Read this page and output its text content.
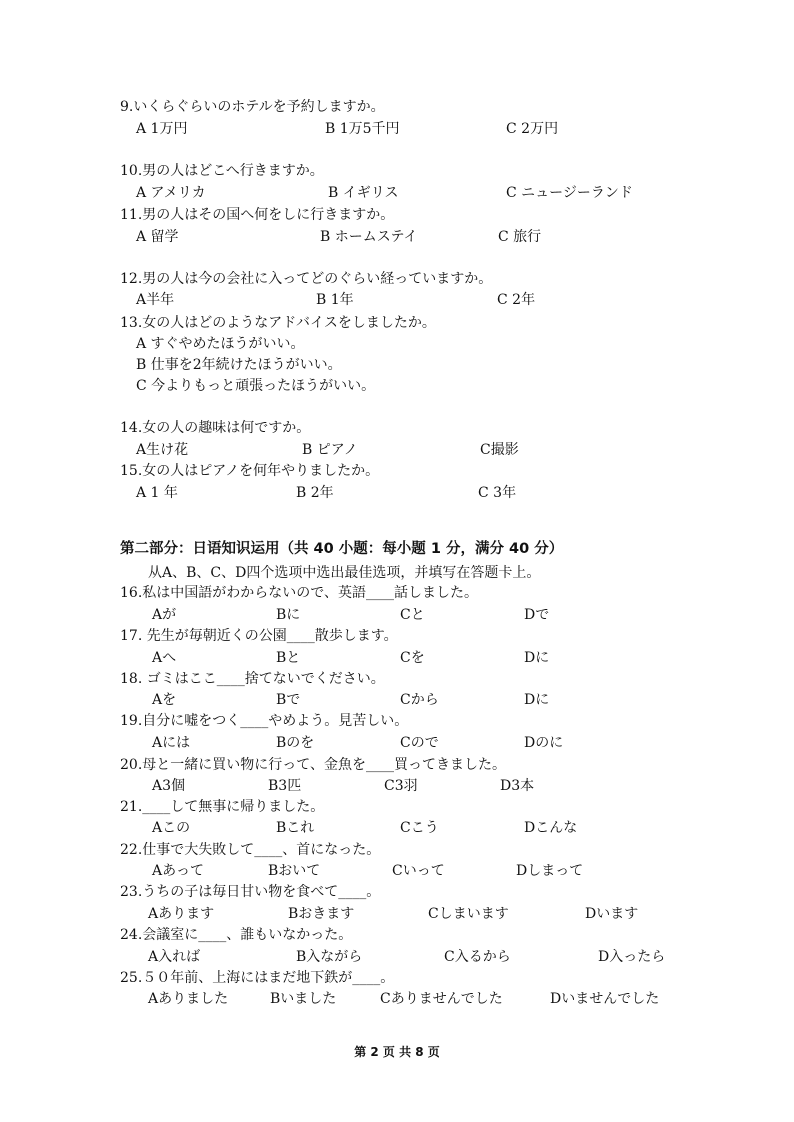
9.いくらぐらいのホテルを予約しますか。
A 1万円	B 1万5千円	C 2万円
10.男の人はどこへ行きますか。
A アメリカ	B イギリス	C ニュージーランド
11.男の人はその国へ何をしに行きますか。
A 留学	B ホームステイ	C 旅行
12.男の人は今の会社に入ってどのぐらい経っていますか。
A半年	B 1年	C 2年
13.女の人はどのようなアドバイスをしましたか。
A すぐやめたほうがいい。
B 仕事を2年続けたほうがいい。
C 今よりもっと頑張ったほうがいい。
14.女の人の趣味は何ですか。
A生け花	B ピアノ	C撮影
15.女の人はピアノを何年やりましたか。
A 1 年	B 2年	C 3年
第二部分：日语知识运用（共 40 小题：每小题 1 分，满分 40 分）
从A、B、C、D四个选项中选出最佳选项，并填写在答题卡上。
16.私は中国語がわからないので、英語____話しました。
Aが	Bに	Cと	Dで
17. 先生が毎朝近くの公園____散歩します。
Aへ	Bと	Cを	Dに
18. ゴミはここ____捨てないでください。
Aを	Bで	Cから	Dに
19.自分に嘘をつく____やめよう。見苦しい。
Aには	Bのを	Cので	Dのに
20.母と一緒に買い物に行って、金魚を____買ってきました。
A3個	B3匹	C3羽	D3本
21.____して無事に帰りました。
Aこの	Bこれ	Cこう	Dこんな
22.仕事で大失敗して____、首になった。
Aあって	Bおいて	Cいって	Dしまって
23.うちの子は毎日甘い物を食べて____。
Aあります	Bおきます	Cしまいます	Dいます
24.会議室に____、誰もいなかった。
A入れば	B入ながら	C入るから	D入ったら
25.５０年前、上海にはまだ地下鉄が____。
Aありました	Bいました	Cありませんでした	Dいませんでした
第 2 页 共 8 页
